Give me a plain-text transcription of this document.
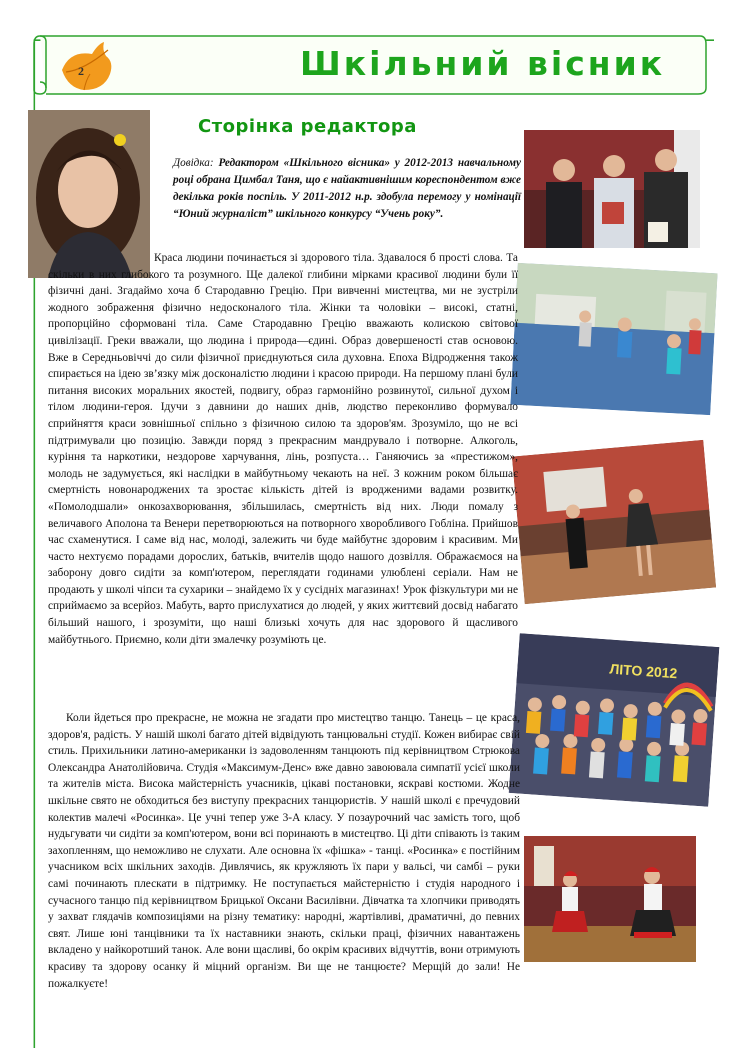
2	Шкільний вісник
Сторінка редактора
Довідка: Редактором «Шкільного вісника» у 2012-2013 навчальному році обрана Цимбал Таня, що є найактивнішим кореспондентом вже декілька років поспіль. У 2011-2012 н.р. здобула перемогу у номінації “Юний журналіст” шкільного конкурсу “Учень року”.
ЛІТО 2012
Краса людини починається зі здорового тіла. Здавалося б прості слова. Та скільки в них глибокого та розумного. Ще далекої глибини мірками красивої людини були її фізичні дані. Згадаймо хоча б Стародавню Грецію. При вивченні мистецтва, ми не зустріли жодного зображення фізично недосконалого тіла. Жінки та чоловіки – високі, статні, пропорційно сформовані тіла. Саме Стародавню Грецію вважають колискою світової цивілізації. Греки вважали, що людина і природа—єдині. Образ довершеності став основою. Вже в Середньовіччі до сили фізичної приєднуються сила духовна. Епоха Відродження також спирається на ідею зв’язку між досконалістю людини і красою природи. На першому плані були питання високих моральних якостей, подвигу, образ гармонійно розвинутої, сильної духом і тілом людини-героя. Ідучи з давнини до наших днів, людство переконливо формувало сприйняття краси зовнішньої спільно з фізичною силою та здоров'ям. Зрозуміло, що не всі підтримували цю позицію. Завжди поряд з прекрасним мандрувало і потворне. Алкоголь, куріння та наркотики, нездорове харчування, лінь, розпуста… Ганяючись за «престижом», молодь не задумується, які наслідки в майбутньому чекають на неї. З кожним роком більшає смертність новонароджених та зростає кількість дітей із вродженими вадами розвитку. «Помолодшали» онкозахворювання, збільшилась, смертність від них. Люди помалу з величавого Аполона та Венери перетворюються на потворного хворобливого Гобліна. Прийшов час схаменутися. І саме від нас, молоді, залежить чи буде майбутнє здоровим і красивим. Ми часто нехтуємо порадами дорослих, батьків, вчителів щодо нашого дозвілля. Ображаємося на заборону довго сидіти за комп'ютером, переглядати годинами улюблені серіали. Нам не продають у школі чіпси та сухарики – знайдемо їх у сусідніх магазинах! Урок фізкультури ми не сприймаємо за всерйоз. Мабуть, варто прислухатися до людей, у яких життєвий досвід набагато більший нашого, і зрозуміти, що наші близькі хочуть для нас здорового й щасливого майбутнього. Приємно, коли діти змалечку розуміють це.
Коли йдеться про прекрасне, не можна не згадати про мистецтво танцю. Танець – це краса, здоров'я, радість. У нашій школі багато дітей відвідують танцювальні студії. Кожен вибирає свій стиль. Прихильники латино-американки із задоволенням танцюють під керівництвом Стрюкова Олександра Анатолійовича. Студія «Максимум-Денс» вже давно завоювала симпатії усієї школи та жителів міста. Висока майстерність учасників, цікаві постановки, яскраві костюми. Жодне шкільне свято не обходиться без виступу прекрасних танцюристів. У нашій школі є пречудовий колектив малечі «Росинка». Це учні тепер уже 3-А класу. У позаурочний час замість того, щоб нудьгувати чи сидіти за комп'ютером, вони всі поринають в мистецтво. Ці діти співають із таким захопленням, що неможливо не слухати. Але основна їх «фішка» - танці. «Росинка» є постійним учасником всіх шкільних заходів. Дивлячись, як кружляють їх пари у вальсі, чи самбі – руки самі починають плескати в підтримку. Не поступається майстерністю і студія народного і сучасного танцю під керівництвом Брицької Оксани Василівни. Дівчатка та хлопчики приводять у захват глядачів композиціями на різну тематику: народні, жартівливі, драматичні, до певних свят. Лише юні танцівники та їх наставники знають, скільки праці, фізичних навантажень вкладено у найкоротший танок. Але вони щасливі, бо окрім красивих відчуттів, вони отримують красиву та здорову осанку й міцний організм. Ви ще не танцюєте? Мерщій до зали! Не пожалкуєте!
